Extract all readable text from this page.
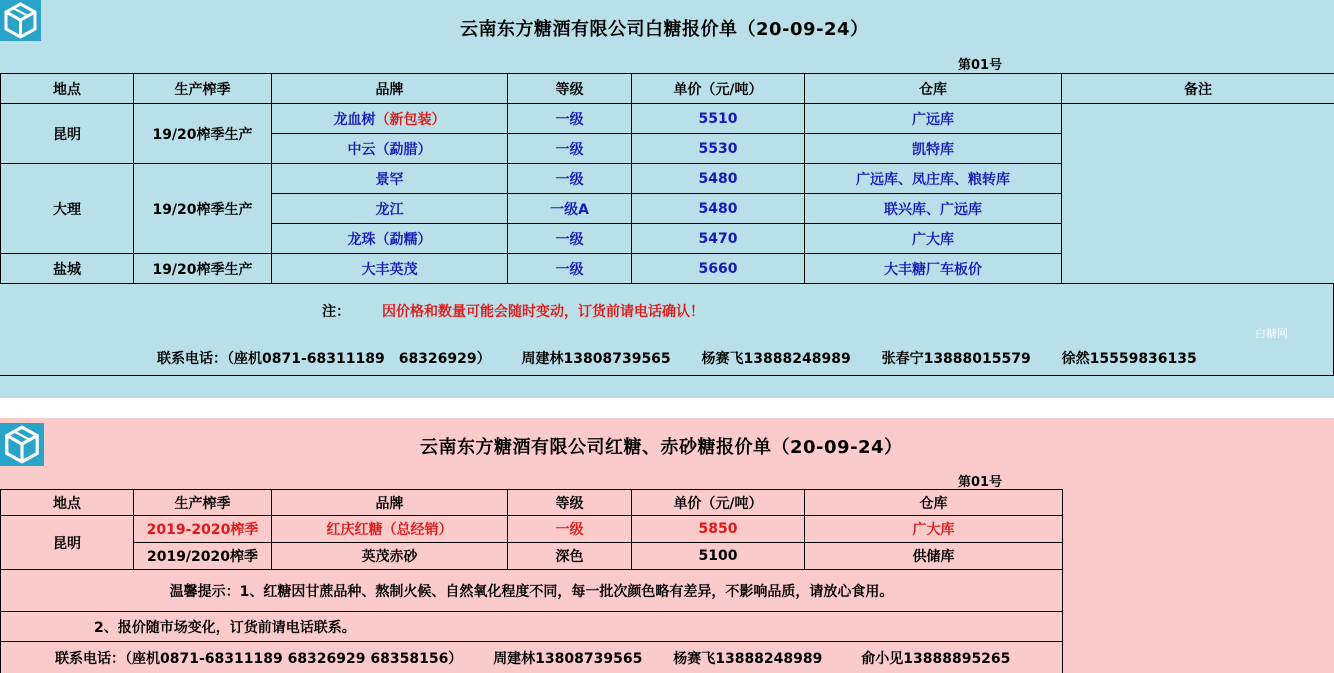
云南东方糖酒有限公司白糖报价单（20-09-24）
第01号
地点	生产榨季	品牌	等级	单价（元/吨）	仓库	备注
昆明	19/20榨季生产	龙血树（新包装）	一级	5510	广远库	
		中云（勐腊）	一级	5530	凯特库	
大理	19/20榨季生产	景罕	一级	5480	广远库、凤庄库、粮转库	
		龙江	一级A	5480	联兴库、广远库	
		龙珠（勐糯）	一级	5470	广大库	
盐城	19/20榨季生产	大丰英茂	一级	5660	大丰糖厂车板价	
注： 因价格和数量可能会随时变动，订货前请电话确认！
白糖网
联系电话：（座机0871-68311189　68326929） 周建林13808739565 杨赛飞13888248989 张春宁13888015579 徐然15559836135
云南东方糖酒有限公司红糖、赤砂糖报价单（20-09-24）
第01号
地点	生产榨季	品牌	等级	单价（元/吨）	仓库
昆明	2019-2020榨季	红庆红糖（总经销）	一级	5850	广大库
	2019/2020榨季	英茂赤砂	深色	5100	供储库
温馨提示：1、红糖因甘蔗品种、熬制火候、自然氧化程度不同，每一批次颜色略有差异，不影响品质，请放心食用。					
2、报价随市场变化，订货前请电话联系。					
联系电话：（座机0871-68311189 68326929 68358156） 周建林13808739565 杨赛飞13888248989 俞小见13888895265					
